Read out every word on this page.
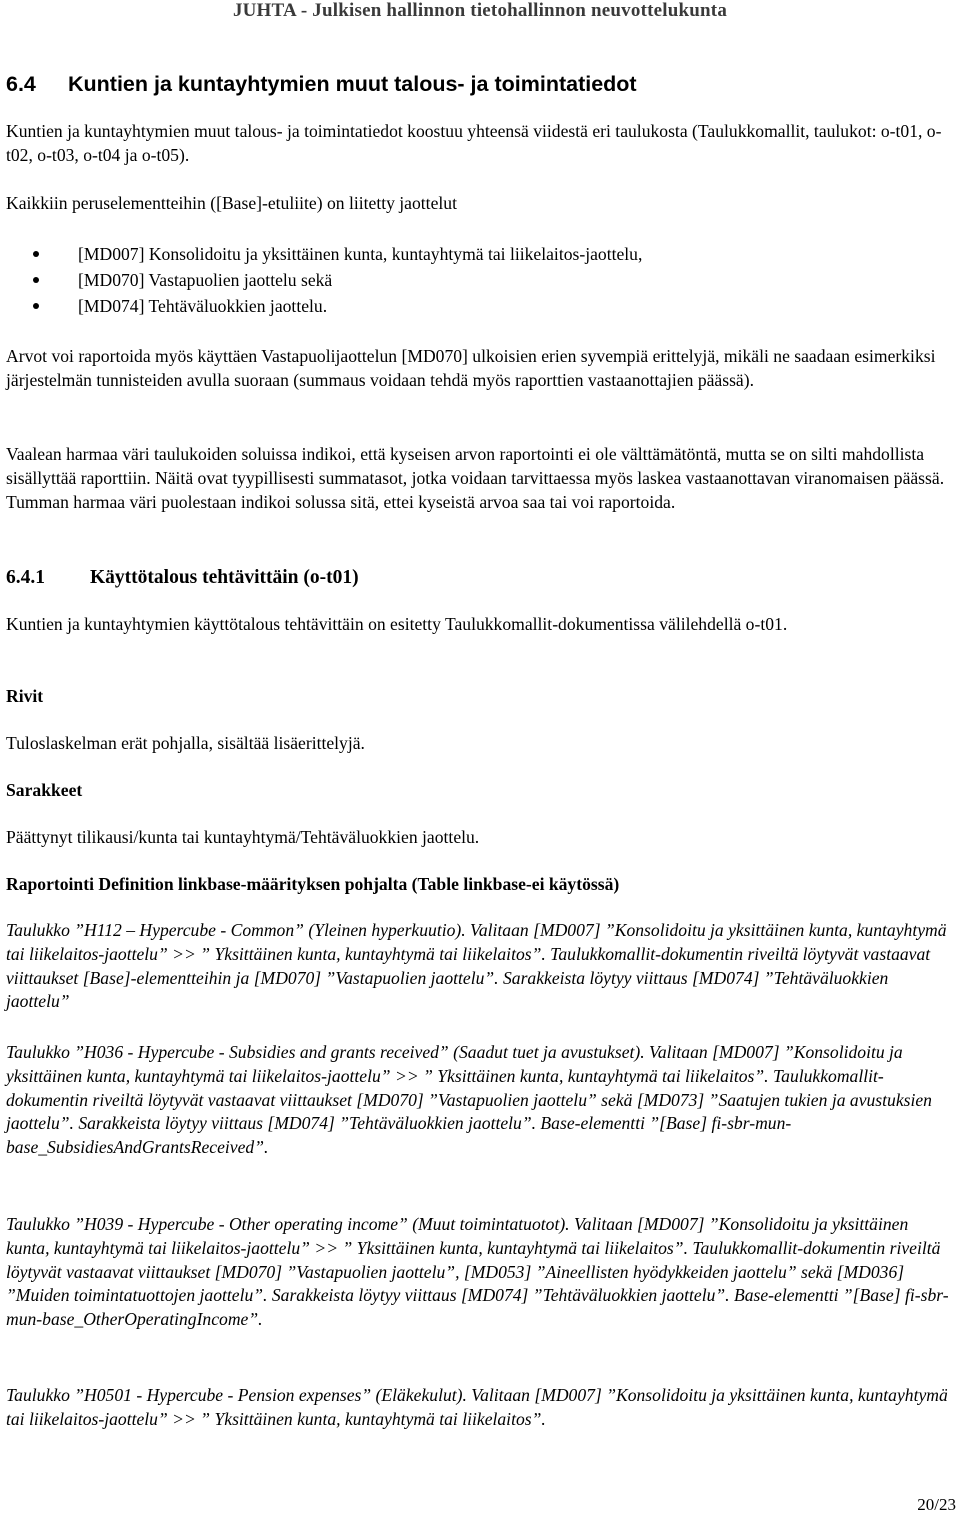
JUHTA - Julkisen hallinnon tietohallinnon neuvottelukunta
6.4 Kuntien ja kuntayhtymien muut talous- ja toimintatiedot
Kuntien ja kuntayhtymien muut talous- ja toimintatiedot koostuu yhteensä viidestä eri taulukosta (Taulukkomallit, taulukot: o-t01, o-t02, o-t03, o-t04 ja o-t05).
Kaikkiin peruselementteihin ([Base]-etuliite) on liitetty jaottelut
[MD007] Konsolidoitu ja yksittäinen kunta, kuntayhtymä tai liikelaitos-jaottelu,
[MD070] Vastapuolien jaottelu sekä
[MD074] Tehtäväluokkien jaottelu.
Arvot voi raportoida myös käyttäen Vastapuolijaottelun [MD070] ulkoisien erien syvempiä erittelyjä, mikäli ne saadaan esimerkiksi järjestelmän tunnisteiden avulla suoraan (summaus voidaan tehdä myös raporttien vastaanottajien päässä).
Vaalean harmaa väri taulukoiden soluissa indikoi, että kyseisen arvon raportointi ei ole välttämätöntä, mutta se on silti mahdollista sisällyttää raporttiin. Näitä ovat tyypillisesti summatasot, jotka voidaan tarvittaessa myös laskea vastaanottavan viranomaisen päässä. Tumman harmaa väri puolestaan indikoi solussa sitä, ettei kyseistä arvoa saa tai voi raportoida.
6.4.1 Käyttötalous tehtävittäin (o-t01)
Kuntien ja kuntayhtymien käyttötalous tehtävittäin on esitetty Taulukkomallit-dokumentissa välilehdellä o-t01.
Rivit
Tuloslaskelman erät pohjalla, sisältää lisäerittelyjä.
Sarakkeet
Päättynyt tilikausi/kunta tai kuntayhtymä/Tehtäväluokkien jaottelu.
Raportointi Definition linkbase-määrityksen pohjalta (Table linkbase-ei käytössä)
Taulukko ”H112 – Hypercube - Common” (Yleinen hyperkuutio). Valitaan [MD007] ”Konsolidoitu ja yksittäinen kunta, kuntayhtymä tai liikelaitos-jaottelu” >> ” Yksittäinen kunta, kuntayhtymä tai liikelaitos”. Taulukkomallit-dokumentin riveiltä löytyvät vastaavat viittaukset [Base]-elementteihin ja [MD070] ”Vastapuolien jaottelu”. Sarakkeista löytyy viittaus [MD074] ”Tehtäväluokkien jaottelu”
Taulukko ”H036 - Hypercube - Subsidies and grants received” (Saadut tuet ja avustukset). Valitaan [MD007] ”Konsolidoitu ja yksittäinen kunta, kuntayhtymä tai liikelaitos-jaottelu” >> ” Yksittäinen kunta, kuntayhtymä tai liikelaitos”. Taulukkomallit-dokumentin riveiltä löytyvät vastaavat viittaukset [MD070] ”Vastapuolien jaottelu” sekä [MD073] ”Saatujen tukien ja avustuksien jaottelu”. Sarakkeista löytyy viittaus [MD074] ”Tehtäväluokkien jaottelu”. Base-elementti ”[Base] fi-sbr-mun-base_SubsidiesAndGrantsReceived”.
Taulukko ”H039 - Hypercube - Other operating income” (Muut toimintatuotot). Valitaan [MD007] ”Konsolidoitu ja yksittäinen kunta, kuntayhtymä tai liikelaitos-jaottelu” >> ” Yksittäinen kunta, kuntayhtymä tai liikelaitos”. Taulukkomallit-dokumentin riveiltä löytyvät vastaavat viittaukset [MD070] ”Vastapuolien jaottelu”, [MD053] ”Aineellisten hyödykkeiden jaottelu” sekä [MD036] ”Muiden toimintatuottojen jaottelu”. Sarakkeista löytyy viittaus [MD074] ”Tehtäväluokkien jaottelu”. Base-elementti ”[Base] fi-sbr-mun-base_OtherOperatingIncome”.
Taulukko ”H0501 - Hypercube - Pension expenses” (Eläkekulut). Valitaan [MD007] ”Konsolidoitu ja yksittäinen kunta, kuntayhtymä tai liikelaitos-jaottelu” >> ” Yksittäinen kunta, kuntayhtymä tai liikelaitos”.
20/23
